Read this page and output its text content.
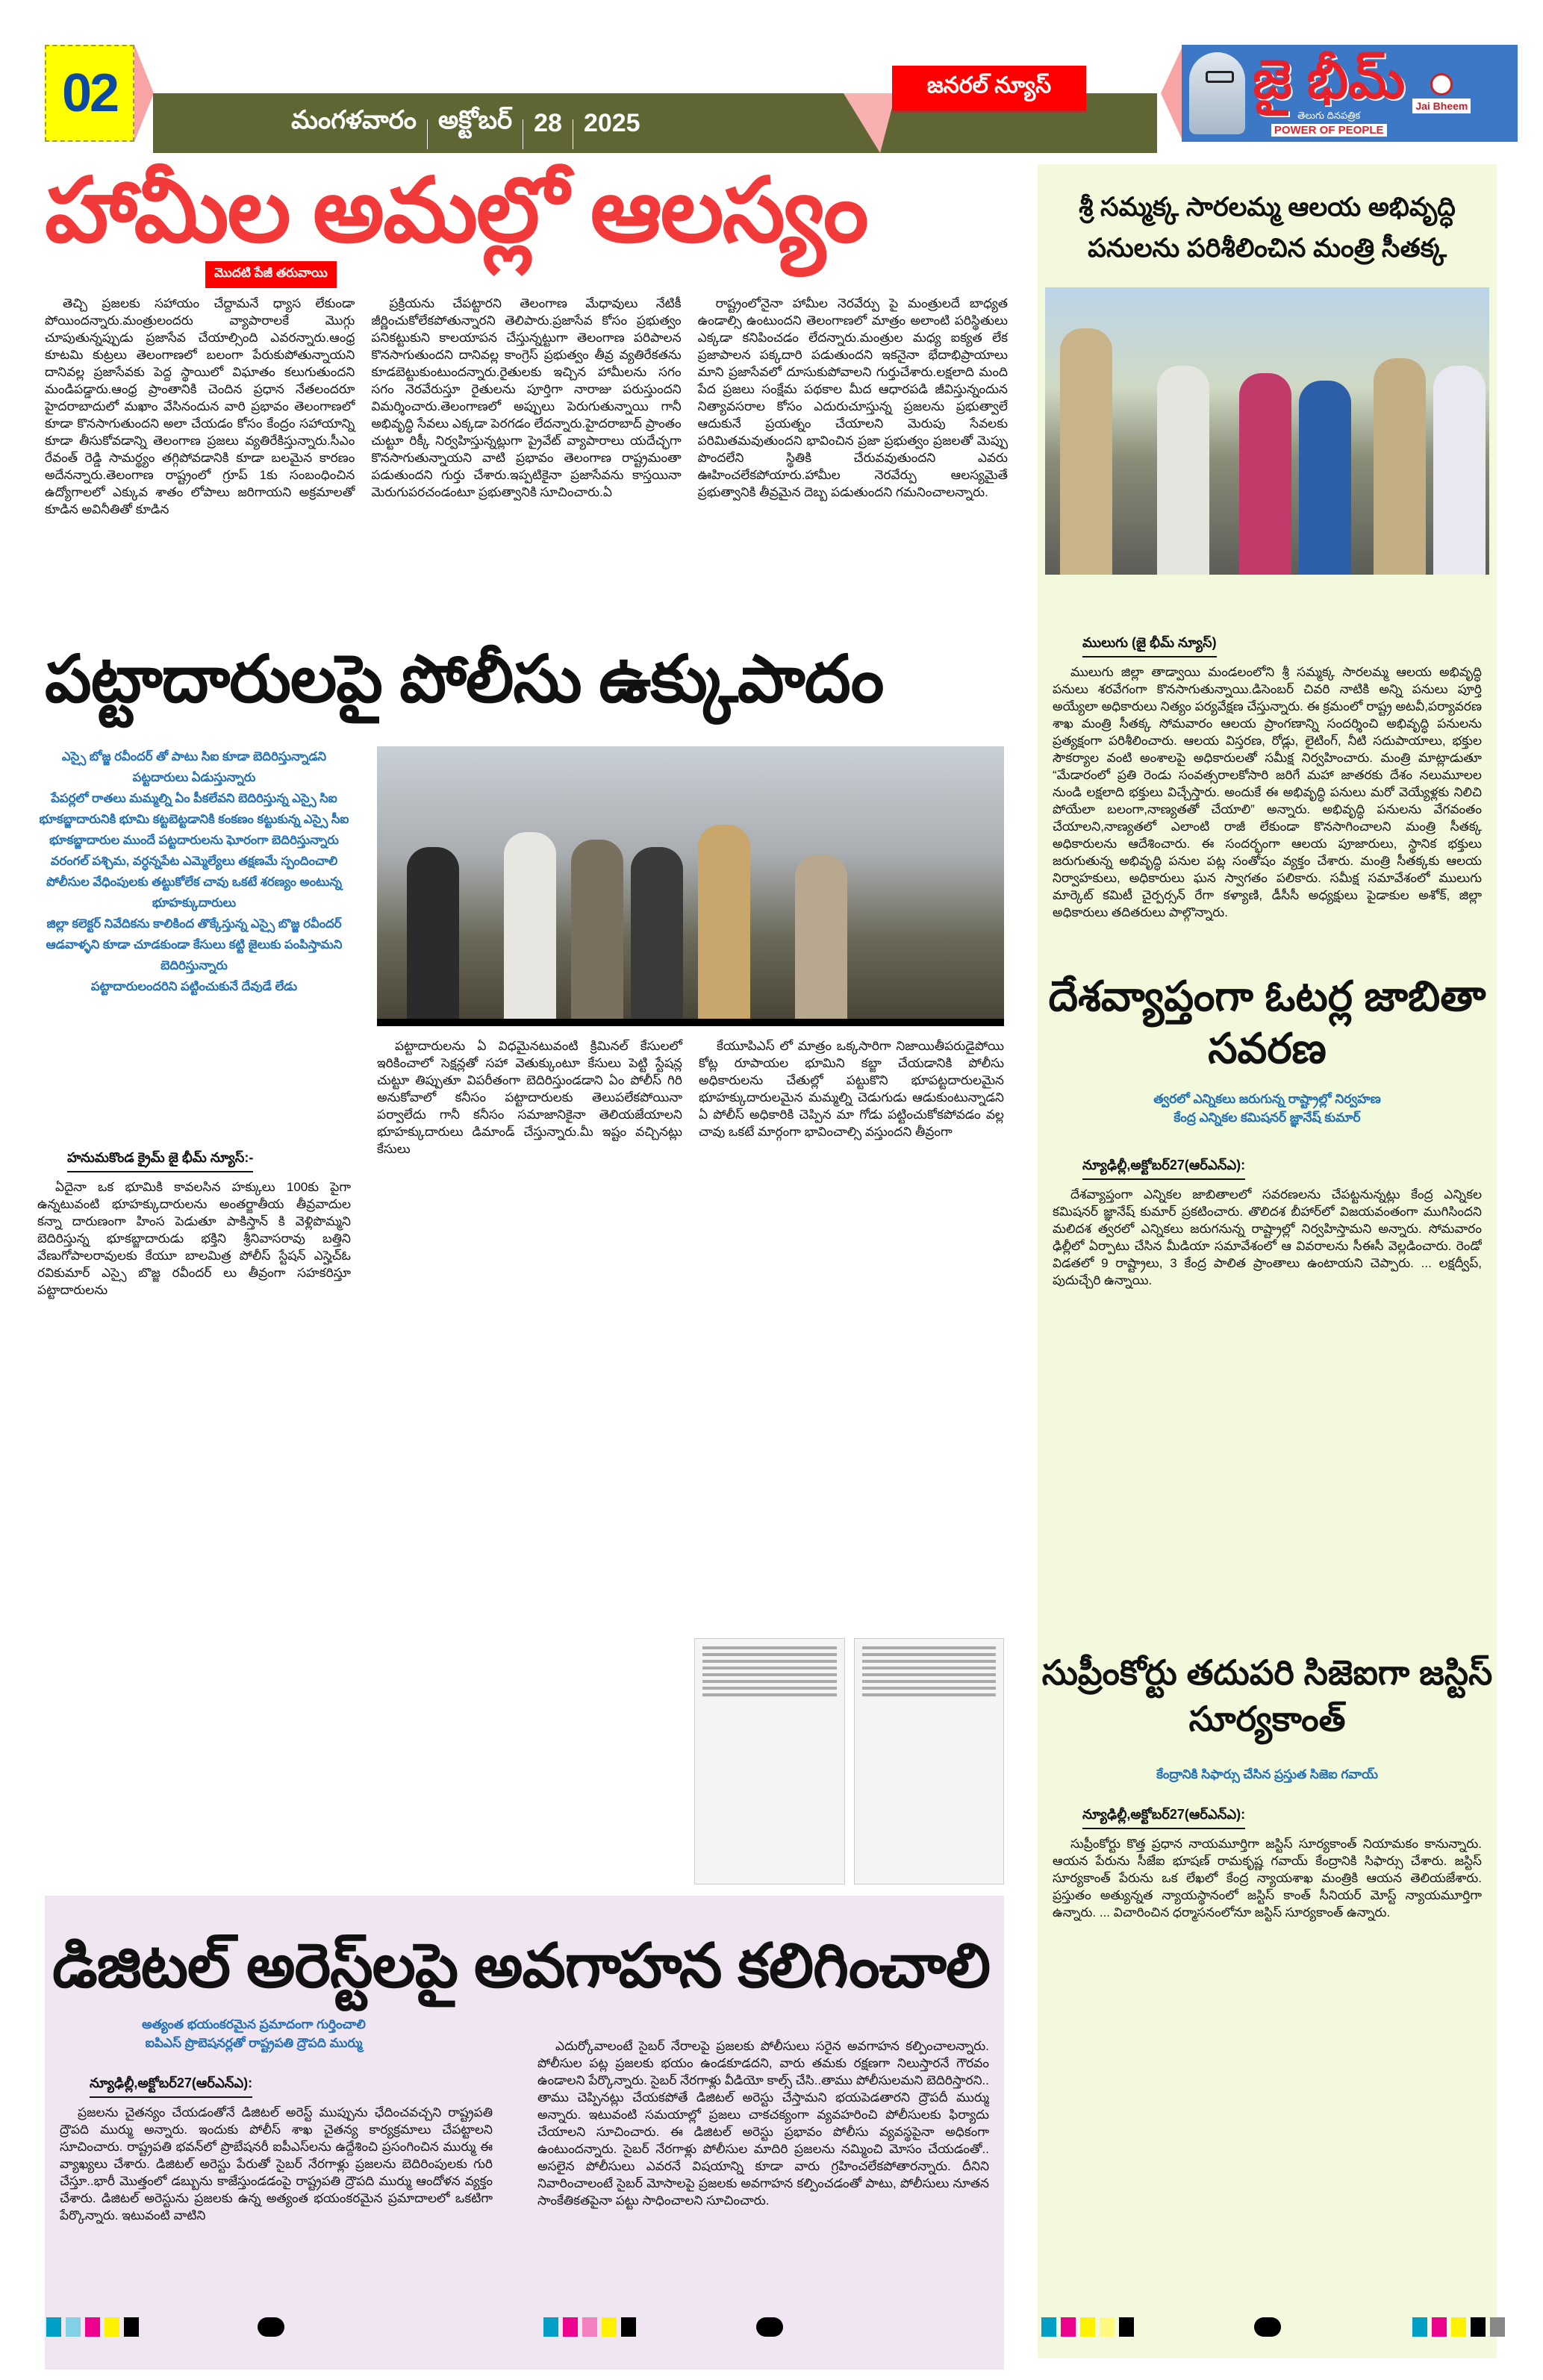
02	మంగళవారం అక్టోబర్ 28 2025
జనరల్ న్యూస్	జై భీమ్
తెలుగు దినపత్రిక
POWER OF PEOPLE
Jai Bheem
హామీల అమల్లో ఆలస్యం
మొదటి పేజీ తరువాయి

తెచ్చి ప్రజలకు సహాయం చేద్దామనే ధ్యాస లేకుండా పోయిందన్నారు.మంత్రులందరు వ్యాపారాలకే మొగ్గు చూపుతున్నప్పుడు ప్రజాసేవ చేయాల్సింది ఎవరన్నారు.ఆంధ్ర కూటమి కుట్రలు తెలంగాణలో బలంగా పేరుకుపోతున్నాయని దానివల్ల ప్రజాసేవకు పెద్ద స్థాయిలో విఘాతం కలుగుతుందని మండిపడ్డారు.ఆంధ్ర ప్రాంతానికి చెందిన ప్రధాన నేతలందరూ హైదరాబాదులో మఖాం వేసినందున వారి ప్రభావం తెలంగాణలో కూడా కొనసాగుతుందని అలా చేయడం కోసం కేంద్రం సహాయాన్ని కూడా తీసుకోవడాన్ని తెలంగాణ ప్రజలు వ్యతిరేకిస్తున్నారు.సీఎం రేవంత్ రెడ్డి సామర్థ్యం తగ్గిపోవడానికి కూడా బలమైన కారణం అదేనన్నారు.తెలంగాణ రాష్ట్రంలో గ్రూప్ 1కు సంబంధించిన ఉద్యోగాలలో ఎక్కువ శాతం లోపాలు జరిగాయని అక్రమాలతో కూడిన అవినీతితో కూడిన

ప్రక్రియను చేపట్టారని తెలంగాణ మేధావులు నేటికీ జీర్ణించుకోలేకపోతున్నారని తెలిపారు.ప్రజాసేవ కోసం ప్రభుత్వం పనికట్టుకుని కాలయాపన చేస్తున్నట్టుగా తెలంగాణ పరిపాలన కొనసాగుతుందని దానివల్ల కాంగ్రెస్ ప్రభుత్వం తీవ్ర వ్యతిరేకతను కూడబెట్టుకుంటుందన్నారు.రైతులకు ఇచ్చిన హామీలను సగం సగం నెరవేరుస్తూ రైతులను పూర్తిగా నారాజు పరుస్తుందని విమర్శించారు.తెలంగాణలో అప్పులు పెరుగుతున్నాయి గానీ అభివృద్ధి సేవలు ఎక్కడా పెరగడం లేదన్నారు.హైదరాబాద్ ప్రాంతం చుట్టూ రిక్కీ నిర్వహిస్తున్నట్లుగా ప్రైవేట్ వ్యాపారాలు యదేచ్ఛగా కొనసాగుతున్నాయని వాటి ప్రభావం తెలంగాణ రాష్ట్రమంతా పడుతుందని గుర్తు చేశారు.ఇప్పటికైనా ప్రజాసేవను కాస్తయినా మెరుగుపరచండంటూ ప్రభుత్వానికి సూచించారు.ఏ

రాష్ట్రంలోనైనా హామీల నెరవేర్పు పై మంత్రులదే బాధ్యత ఉండాల్సి ఉంటుందని తెలంగాణలో మాత్రం అలాంటి పరిస్థితులు ఎక్కడా కనిపించడం లేదన్నారు.మంత్రుల మధ్య ఐక్యత లేక ప్రజాపాలన పక్కదారి పడుతుందని ఇకనైనా భేదాభిప్రాయాలు మాని ప్రజాసేవలో దూసుకుపోవాలని గుర్తుచేశారు.లక్షలాది మంది పేద ప్రజలు సంక్షేమ పథకాల మీద ఆధారపడి జీవిస్తున్నందున నిత్యావసరాల కోసం ఎదురుచూస్తున్న ప్రజలను ప్రభుత్వాలే ఆదుకునే ప్రయత్నం చేయాలని మెరుపు సేవలకు పరిమితమవుతుందని భావించిన ప్రజా ప్రభుత్వం ప్రజలతో మెప్పు పొందలేని స్థితికి చేరువవుతుందని ఎవరు ఊహించలేకపోయారు.హామీల నెరవేర్పు ఆలస్యమైతే ప్రభుత్వానికి తీవ్రమైన దెబ్బ పడుతుందని గమనించాలన్నారు.

పట్టాదారులపై పోలీసు ఉక్కుపాదం
ఎస్సై బోజ్జ రవీందర్ తో పాటు సిఐ కూడా బెదిరిస్తున్నాడని పట్టదారులు ఏడుస్తున్నారు
పేపర్లలో రాతలు మమ్మల్ని ఏం పీకలేవని బెదిరిస్తున్న ఎస్సై సిఐ
భూకబ్జాదారునికి భూమి కట్టబెట్టడానికి కంకణం కట్టుకున్న ఎస్సై సీఐ
భూకబ్జాదారుల ముందే పట్టదారులను ఘోరంగా బెదిరిస్తున్నారు
వరంగల్ పశ్చిమ, వర్ధన్నపేట ఎమ్మెల్యేలు తక్షణమే స్పందించాలి
పోలీసుల వేధింపులకు తట్టుకోలేక చావు ఒకటే శరణ్యం అంటున్న భూహక్కుదారులు
జిల్లా కలెక్టర్ నివేదికను కాలికింద తొక్కేస్తున్న ఎస్సై బొజ్జ రవీందర్
ఆడవాళ్ళని కూడా చూడకుండా కేసులు కట్టి జైలుకు పంపిస్తామని బెదిరిస్తున్నారు
పట్టాదారులందరిని పట్టించుకునే దేవుడే లేడు
హనుమకొండ క్రైమ్ జై భీమ్ న్యూస్:-

ఏదైనా ఒక భూమికి కావలసిన హక్కులు 100కు పైగా ఉన్నటువంటి భూహక్కుదారులను అంతర్జాతీయ తీవ్రవాదుల కన్నా దారుణంగా హింస పెడుతూ పాకిస్తాన్ కి వెళ్లిపొమ్మని బెదిరిస్తున్న భూకబ్జాదారుడు భక్తిని శ్రీనివాసరావు బత్తిని వేణుగోపాలరావులకు కేయూ బాలమిత్ర పోలీస్ స్టేషన్ ఎస్హెచ్ఓ రవికుమార్ ఎస్సై బొజ్జ రవీందర్ లు తీవ్రంగా సహకరిస్తూ పట్టాదారులను

పట్టాదారులను ఏ విధమైనటువంటి క్రిమినల్ కేసులలో ఇరికించాలో సెక్షన్లతో సహా వెతుక్కుంటూ కేసులు పెట్టి స్టేషన్ల చుట్టూ తిప్పుతూ విపరీతంగా బెదిరిస్తుండడాని ఏం పోలీస్ గిరి అనుకోవాలో కనీసం పట్టాదారులకు తెలుపలేకపోయినా పర్వాలేదు గానీ కనీసం సమాజానికైనా తెలియజేయాలని భూహక్కుదారులు డిమాండ్ చేస్తున్నారు.మీ ఇష్టం వచ్చినట్లు కేసులు

కేయూపిఎస్ లో మాత్రం ఒక్కసారిగా నిజాయితీపరుడైపోయి కోట్ల రూపాయల భూమిని కబ్జా చేయడానికి పోలీసు అధికారులను చేతుల్లో పట్టుకొని భూపట్టదారులమైన భూహక్కుదారులమైన మమ్మల్ని చెడుగుడు ఆడుకుంటున్నాడని ఏ పోలీస్ అధికారికి చెప్పిన మా గోడు పట్టించుకోకపోవడం వల్ల చావు ఒకటే మార్గంగా భావించాల్సి వస్తుందని తీవ్రంగా

శ్రీ సమ్మక్క సారలమ్మ ఆలయ అభివృద్ధి పనులను పరిశీలించిన మంత్రి సీతక్క
ములుగు (జై భీమ్ న్యూస్)

ములుగు జిల్లా తాడ్వాయి మండలంలోని శ్రీ సమ్మక్క సారలమ్మ ఆలయ అభివృద్ధి పనులు శరవేగంగా కొనసాగుతున్నాయి.డిసెంబర్ చివరి నాటికి అన్ని పనులు పూర్తి అయ్యేలా అధికారులు నిత్యం పర్యవేక్షణ చేస్తున్నారు. ఈ క్రమంలో రాష్ట్ర అటవీ,పర్యావరణ శాఖ మంత్రి సీతక్క సోమవారం ఆలయ ప్రాంగణాన్ని సందర్శించి అభివృద్ధి పనులను ప్రత్యక్షంగా పరిశీలించారు. ఆలయ విస్తరణ, రోడ్లు, లైటింగ్, నీటి సదుపాయాలు, భక్తుల సౌకర్యాల వంటి అంశాలపై అధికారులతో సమీక్ష నిర్వహించారు. మంత్రి మాట్లాడుతూ “మేడారంలో ప్రతి రెండు సంవత్సరాలకోసారి జరిగే మహా జాతరకు దేశం నలుమూలల నుండి లక్షలాది భక్తులు విచ్చేస్తారు. అందుకే ఈ అభివృద్ధి పనులు మరో వెయ్యేళ్లకు నిలిచి పోయేలా బలంగా,నాణ్యతతో చేయాలి” అన్నారు. అభివృద్ధి పనులను వేగవంతం చేయాలని,నాణ్యతలో ఎలాంటి రాజీ లేకుండా కొనసాగించాలని మంత్రి సీతక్క అధికారులను ఆదేశించారు. ఈ సందర్భంగా ఆలయ పూజారులు, స్థానిక భక్తులు జరుగుతున్న అభివృద్ధి పనుల పట్ల సంతోషం వ్యక్తం చేశారు. మంత్రి సీతక్కకు ఆలయ నిర్వాహకులు, అధికారులు ఘన స్వాగతం పలికారు. సమీక్ష సమావేశంలో ములుగు మార్కెట్ కమిటీ చైర్పర్సన్ రేగా కళ్యాణి, డీసీసీ అధ్యక్షులు పైడాకుల అశోక్, జిల్లా అధికారులు తదితరులు పాల్గొన్నారు.

దేశవ్యాప్తంగా ఓటర్ల జాబితా సవరణ
త్వరలో ఎన్నికలు జరుగున్న రాష్ట్రాల్లో నిర్వహణ
కేంద్ర ఎన్నికల కమిషనర్ జ్ఞానేష్ కుమార్
న్యూఢిల్లీ,అక్టోబర్27(ఆర్ఎన్ఎ):

దేశవ్యాప్తంగా ఎన్నికల జాబితాలలో సవరణలను చేపట్టనున్నట్లు కేంద్ర ఎన్నికల కమిషనర్ జ్ఞానేష్ కుమార్ ప్రకటించారు. తొలిదశ బీహార్‌లో విజయవంతంగా ముగిసిందని మలిదశ త్వరలో ఎన్నికలు జరుగనున్న రాష్ట్రాల్లో నిర్వహిస్తామని అన్నారు. సోమవారం ఢిల్లీలో ఏర్పాటు చేసిన మీడియా సమావేశంలో ఆ వివరాలను సీఈసీ వెల్లడించారు. రెండో విడతలో 9 రాష్ట్రాలు, 3 కేంద్ర పాలిత ప్రాంతాలు ఉంటాయని చెప్పారు. ... లక్షద్వీప్, పుదుచ్చేరి ఉన్నాయి.

సుప్రీంకోర్టు తదుపరి సిజెఐగా జస్టిస్ సూర్యకాంత్
కేంద్రానికి సిఫార్సు చేసిన ప్రస్తుత సిజెఐ గవాయ్
న్యూఢిల్లీ,అక్టోబర్27(ఆర్ఎన్ఎ):

సుప్రీంకోర్టు కొత్త ప్రధాన నాయమూర్తిగా జస్టిస్ సూర్యకాంత్ నియామకం కానున్నారు. ఆయన పేరును సీజేఐ భూషణ్ రామకృష్ణ గవాయ్ కేంద్రానికి సిఫార్సు చేశారు. జస్టిస్ సూర్యకాంత్ పేరును ఒక లేఖలో కేంద్ర న్యాయశాఖ మంత్రికి ఆయన తెలియజేశారు. ప్రస్తుతం అత్యున్నత న్యాయస్థానంలో జస్టిస్ కాంత్ సీనియర్ మోస్ట్ న్యాయమూర్తిగా ఉన్నారు. ... విచారించిన ధర్మాసనంలోనూ జస్టిస్ సూర్యకాంత్ ఉన్నారు.

డిజిటల్ అరెస్ట్‌లపై అవగాహన కలిగించాలి
అత్యంత భయంకరమైన ప్రమాదంగా గుర్తించాలి
ఐపిఎస్ ప్రొబెషనర్లతో రాష్ట్రపతి ద్రౌపది ముర్ము
న్యూఢిల్లీ,అక్టోబర్27(ఆర్ఎన్ఎ):

ప్రజలను చైతన్యం చేయడంతోనే డిజిటల్ అరెస్ట్ ముప్పును ఛేదించవచ్చని రాష్ట్రపతి ద్రౌపది ముర్ము అన్నారు. ఇందుకు పోలీస్ శాఖ చైతన్య కార్యక్రమాలు చేపట్టాలని సూచించారు. రాష్ట్రపతి భవన్‌లో ప్రొబేషనరీ ఐపీఎస్‌లను ఉద్దేశించి ప్రసంగించిన ముర్ము ఈ వ్యాఖ్యలు చేశారు. డిజిటల్ అరెస్టు పేరుతో సైబర్ నేరగాళ్లు ప్రజలను బెదిరింపులకు గురి చేస్తూ..భారీ మొత్తంలో డబ్బును కాజేస్తుండడంపై రాష్ట్రపతి ద్రౌపది ముర్ము ఆందోళన వ్యక్తం చేశారు. డిజిటల్ అరెస్టును ప్రజలకు ఉన్న అత్యంత భయంకరమైన ప్రమాదాలలో ఒకటిగా పేర్కొన్నారు. ఇటువంటి వాటిని

ఎదుర్కోవాలంటే సైబర్ నేరాలపై ప్రజలకు పోలీసులు సరైన అవగాహన కల్పించాలన్నారు. పోలీసుల పట్ల ప్రజలకు భయం ఉండకూడదని, వారు తమకు రక్షణగా నిలుస్తారనే గౌరవం ఉండాలని పేర్కొన్నారు. సైబర్ నేరగాళ్లు వీడియో కాల్స్ చేసి..తాము పోలీసులమని బెదిరిస్తారని.. తాము చెప్పినట్లు చేయకపోతే డిజిటల్ అరెస్టు చేస్తామని భయపెడతారని ద్రౌపదీ ముర్ము అన్నారు. ఇటువంటి సమయాల్లో ప్రజలు చాకచక్యంగా వ్యవహరించి పోలీసులకు ఫిర్యాదు చేయాలని సూచించారు. ఈ డిజిటల్ అరెస్టు ప్రభావం పోలీసు వ్యవస్థపైనా అధికంగా ఉంటుందన్నారు. సైబర్ నేరగాళ్లు పోలీసుల మాదిరి ప్రజలను నమ్మించి మోసం చేయడంతో.. అసలైన పోలీసులు ఎవరనే విషయాన్ని కూడా వారు గ్రహించలేకపోతారన్నారు. దీనిని నివారించాలంటే సైబర్ మోసాలపై ప్రజలకు అవగాహన కల్పించడంతో పాటు, పోలీసులు నూతన సాంకేతికతపైనా పట్టు సాధించాలని సూచించారు.
